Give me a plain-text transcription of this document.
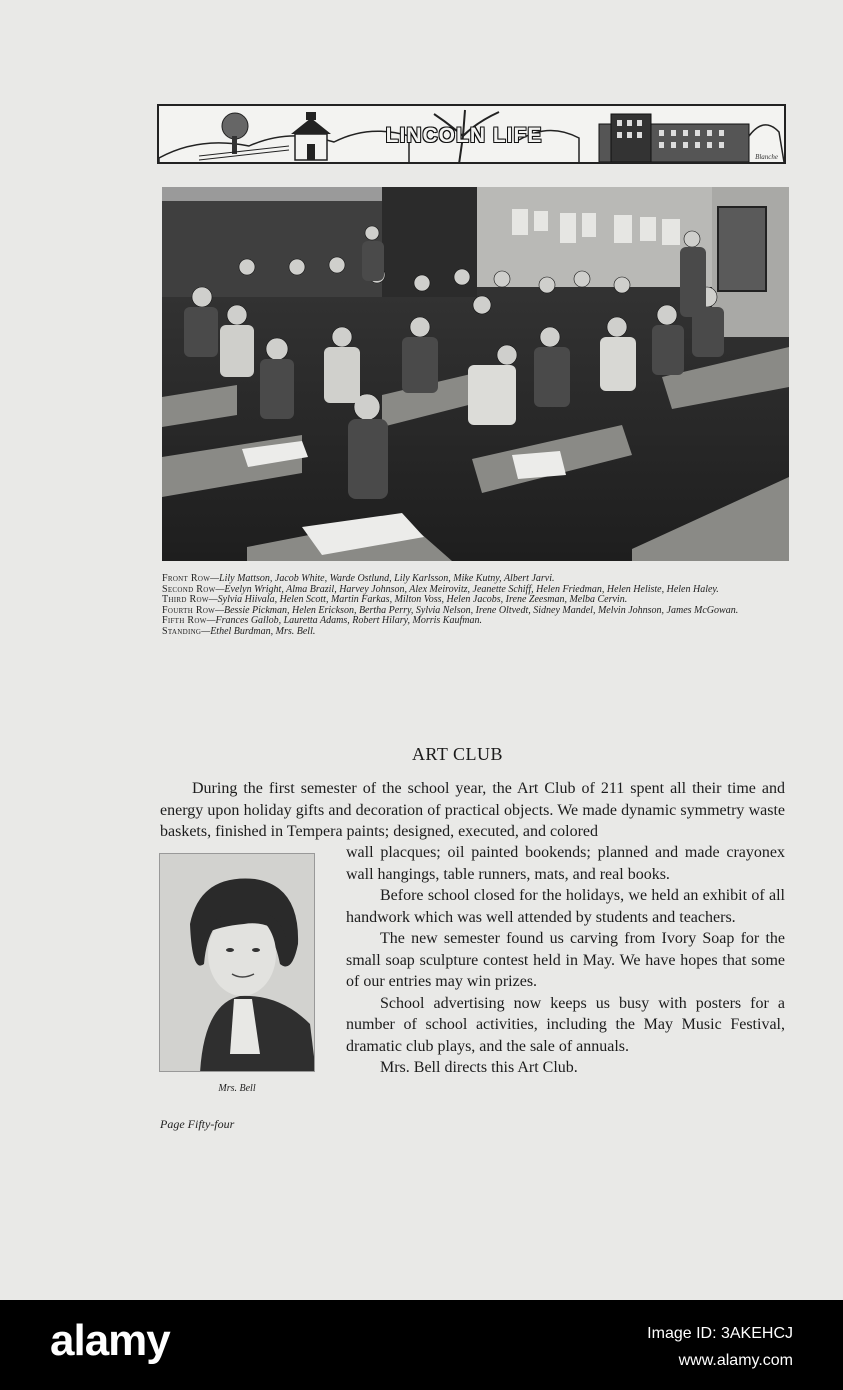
LINCOLN LIFE
Blanche
Front Row—Lily Mattson, Jacob White, Warde Ostlund, Lily Karlsson, Mike Kutny, Albert Jarvi.
Second Row—Evelyn Wright, Alma Brazil, Harvey Johnson, Alex Meirovitz, Jeanette Schiff, Helen Friedman, Helen Heliste, Helen Haley.
Third Row—Sylvia Hiivala, Helen Scott, Martin Farkas, Milton Voss, Helen Jacobs, Irene Zeesman, Melba Cervin.
Fourth Row—Bessie Pickman, Helen Erickson, Bertha Perry, Sylvia Nelson, Irene Oltvedt, Sidney Mandel, Melvin Johnson, James McGowan.
Fifth Row—Frances Gallob, Lauretta Adams, Robert Hilary, Morris Kaufman.
Standing—Ethel Burdman, Mrs. Bell.
ART CLUB
During the first semester of the school year, the Art Club of 211 spent all their time and energy upon holiday gifts and decoration of practical objects. We made dynamic symmetry waste baskets, finished in Tempera paints; designed, executed, and colored
Mrs. Bell

wall placques; oil painted bookends; planned and made crayonex wall hangings, table runners, mats, and real books.

Before school closed for the holidays, we held an exhibit of all handwork which was well attended by students and teachers.

The new semester found us carving from Ivory Soap for the small soap sculpture contest held in May. We have hopes that some of our entries may win prizes.

School advertising now keeps us busy with posters for a number of school activities, including the May Music Festival, dramatic club plays, and the sale of annuals.

Mrs. Bell directs this Art Club.

Page Fifty-four
alamy	Image ID: 3AKEHCJ
www.alamy.com
